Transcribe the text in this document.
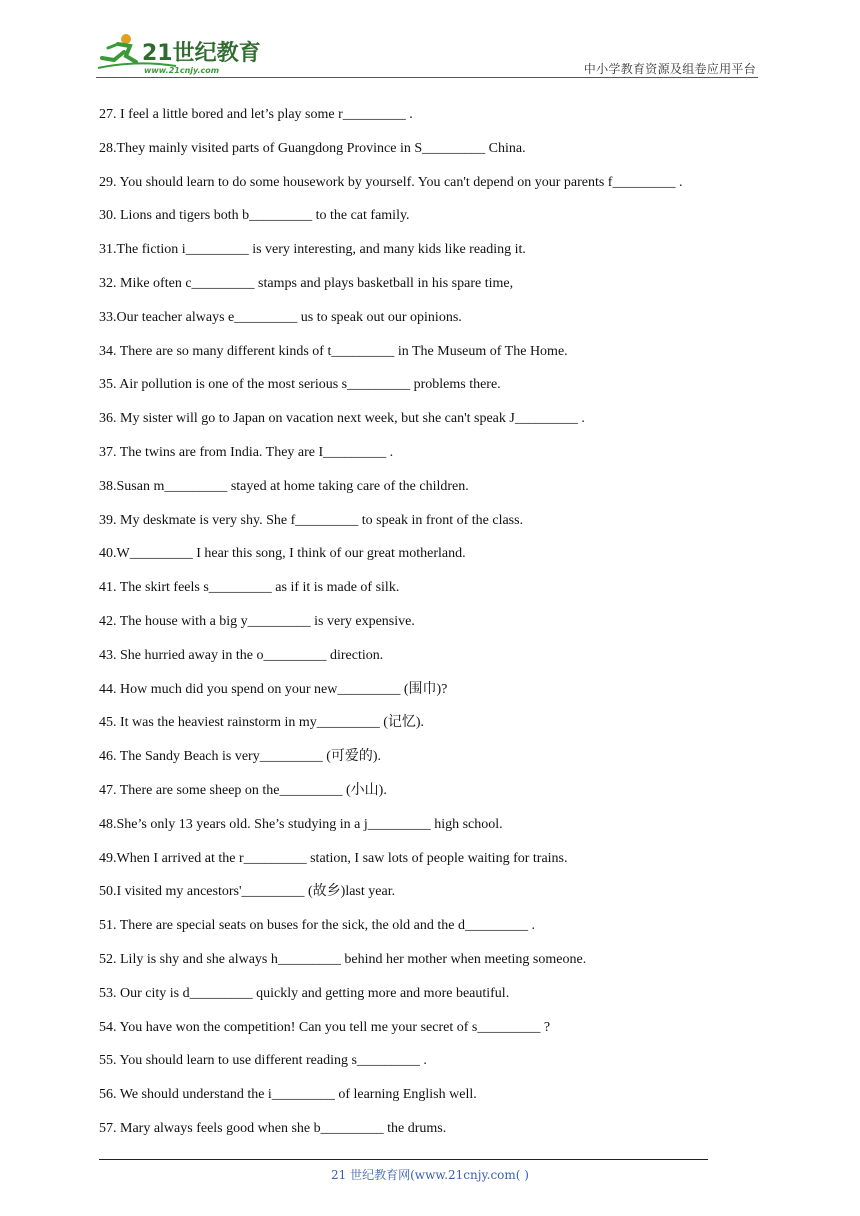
21世纪教育
www.21cnjy.com	中小学教育资源及组卷应用平台
27. I feel a little bored and let’s play some r_________ .
28.They mainly visited parts of Guangdong Province in S_________ China.
29. You should learn to do some housework by yourself. You can't depend on your parents f_________ .
30. Lions and tigers both b_________ to the cat family.
31.The fiction i_________ is very interesting, and many kids like reading it.
32. Mike often c_________ stamps and plays basketball in his spare time,
33.Our teacher always e_________ us to speak out our opinions.
34. There are so many different kinds of t_________ in The Museum of The Home.
35. Air pollution is one of the most serious s_________ problems there.
36. My sister will go to Japan on vacation next week, but she can't speak J_________ .
37. The twins are from India. They are I_________ .
38.Susan m_________ stayed at home taking care of the children.
39. My deskmate is very shy. She f_________ to speak in front of the class.
40.W_________ I hear this song, I think of our great motherland.
41. The skirt feels s_________ as if it is made of silk.
42. The house with a big y_________ is very expensive.
43. She hurried away in the o_________ direction.
44. How much did you spend on your new_________ (围巾)?
45. It was the heaviest rainstorm in my_________ (记忆).
46. The Sandy Beach is very_________ (可爱的).
47. There are some sheep on the_________ (小山).
48.She’s only 13 years old. She’s studying in a j_________ high school.
49.When I arrived at the r_________ station, I saw lots of people waiting for trains.
50.I visited my ancestors'_________ (故乡)last year.
51. There are special seats on buses for the sick, the old and the d_________ .
52. Lily is shy and she always h_________ behind her mother when meeting someone.
53. Our city is d_________ quickly and getting more and more beautiful.
54. You have won the competition! Can you tell me your secret of s_________ ?
55. You should learn to use different reading s_________ .
56. We should understand the i_________ of learning English well.
57. Mary always feels good when she b_________ the drums.
21 世纪教育网(www.21cnjy.com( )
